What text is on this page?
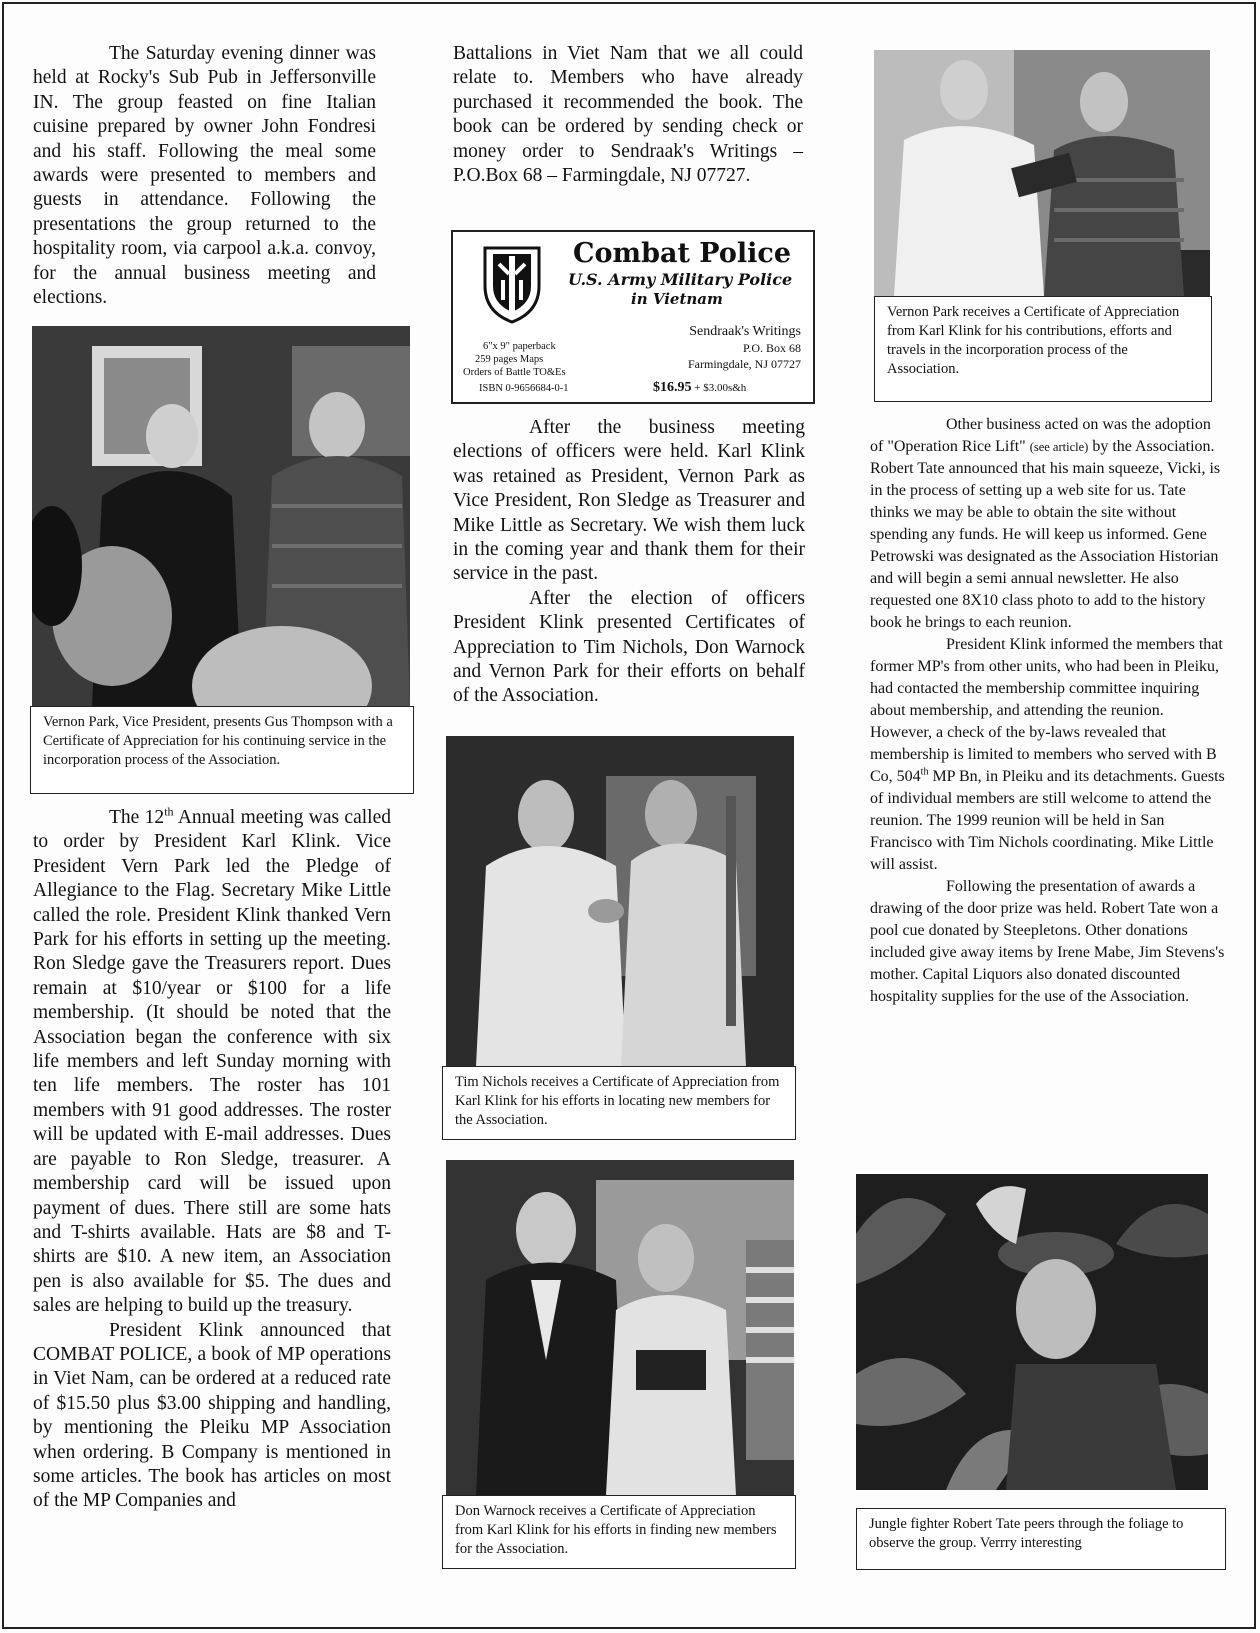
The Saturday evening dinner was held at Rocky's Sub Pub in Jeffersonville IN. The group feasted on fine Italian cuisine prepared by owner John Fondresi and his staff. Following the meal some awards were presented to members and guests in attendance. Following the presentations the group returned to the hospitality room, via carpool a.k.a. convoy, for the annual business meeting and elections.

Vernon Park, Vice President, presents Gus Thompson with a Certificate of Appreciation for his continuing service in the incorporation process of the Association.

The 12th Annual meeting was called to order by President Karl Klink. Vice President Vern Park led the Pledge of Allegiance to the Flag. Secretary Mike Little called the role. President Klink thanked Vern Park for his efforts in setting up the meeting. Ron Sledge gave the Treasurers report. Dues remain at $10/year or $100 for a life membership. (It should be noted that the Association began the conference with six life members and left Sunday morning with ten life members. The roster has 101 members with 91 good addresses. The roster will be updated with E-mail addresses. Dues are payable to Ron Sledge, treasurer. A membership card will be issued upon payment of dues. There still are some hats and T-shirts available. Hats are $8 and T-shirts are $10. A new item, an Association pen is also available for $5. The dues and sales are helping to build up the treasury.

President Klink announced that COMBAT POLICE, a book of MP operations in Viet Nam, can be ordered at a reduced rate of $15.50 plus $3.00 shipping and handling, by mentioning the Pleiku MP Association when ordering. B Company is mentioned in some articles. The book has articles on most of the MP Companies and

Battalions in Viet Nam that we all could relate to. Members who have already purchased it recommended the book. The book can be ordered by sending check or money order to Sendraak's Writings – P.O.Box 68 – Farmingdale, NJ 07727.

Combat Police
U.S. Army Military Police
in Vietnam
6"x 9" paperback
259 pages Maps
Orders of Battle TO&Es
ISBN 0-9656684-0-1
Sendraak's Writings
P.O. Box 68
Farmingdale, NJ 07727
$16.95 + $3.00s&h

After the business meeting elections of officers were held. Karl Klink was retained as President, Vernon Park as Vice President, Ron Sledge as Treasurer and Mike Little as Secretary. We wish them luck in the coming year and thank them for their service in the past.

After the election of officers President Klink presented Certificates of Appreciation to Tim Nichols, Don Warnock and Vernon Park for their efforts on behalf of the Association.

Tim Nichols receives a Certificate of Appreciation from Karl Klink for his efforts in locating new members for the Association.
Don Warnock receives a Certificate of Appreciation from Karl Klink for his efforts in finding new members for the Association.
Vernon Park receives a Certificate of Appreciation from Karl Klink for his contributions, efforts and travels in the incorporation process of the Association.

Other business acted on was the adoption of "Operation Rice Lift" (see article) by the Association. Robert Tate announced that his main squeeze, Vicki, is in the process of setting up a web site for us. Tate thinks we may be able to obtain the site without spending any funds. He will keep us informed. Gene Petrowski was designated as the Association Historian and will begin a semi annual newsletter. He also requested one 8X10 class photo to add to the history book he brings to each reunion.

President Klink informed the members that former MP's from other units, who had been in Pleiku, had contacted the membership committee inquiring about membership, and attending the reunion. However, a check of the by-laws revealed that membership is limited to members who served with B Co, 504th MP Bn, in Pleiku and its detachments. Guests of individual members are still welcome to attend the reunion. The 1999 reunion will be held in San Francisco with Tim Nichols coordinating. Mike Little will assist.

Following the presentation of awards a drawing of the door prize was held. Robert Tate won a pool cue donated by Steepletons. Other donations included give away items by Irene Mabe, Jim Stevens's mother. Capital Liquors also donated discounted hospitality supplies for the use of the Association.

Jungle fighter Robert Tate peers through the foliage to observe the group. Verrry interesting
